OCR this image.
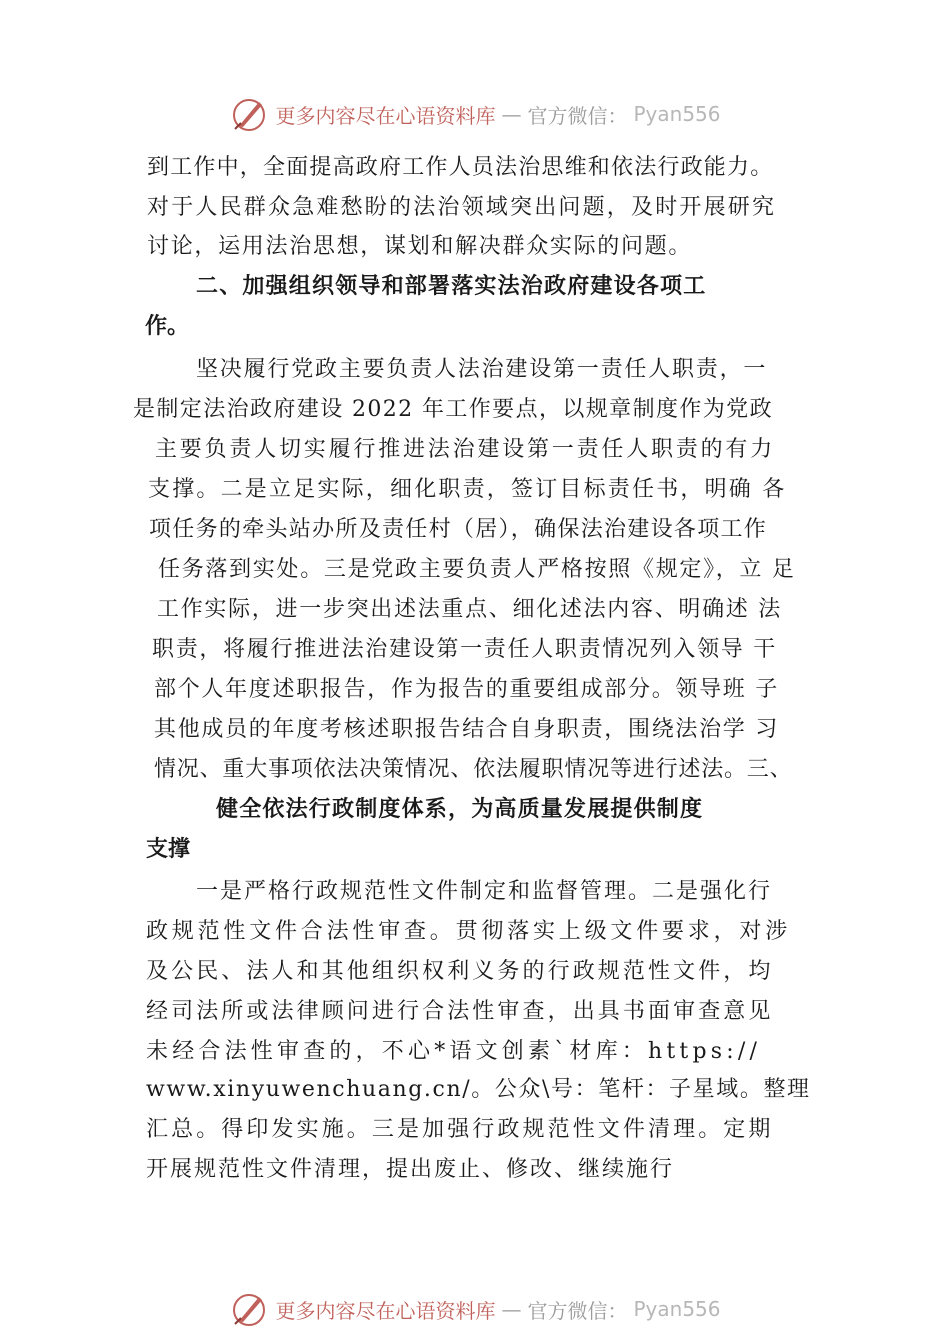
更多内容尽在心语资料库 — 官方微信： Pyan556
到工作中，全面提高政府工作人员法治思维和依法行政能力。
对于人民群众急难愁盼的法治领域突出问题，及时开展研究
讨论，运用法治思想，谋划和解决群众实际的问题。
二、加强组织领导和部署落实法治政府建设各项工
作。
坚决履行党政主要负责人法治建设第一责任人职责，一
是制定法治政府建设 2022 年工作要点，以规章制度作为党政
主要负责人切实履行推进法治建设第一责任人职责的有力
支撑。二是立足实际，细化职责，签订目标责任书，明确 各
项任务的牵头站办所及责任村（居），确保法治建设各项工作
任务落到实处。三是党政主要负责人严格按照《规定》，立 足
工作实际，进一步突出述法重点、细化述法内容、明确述 法
职责，将履行推进法治建设第一责任人职责情况列入领导 干
部个人年度述职报告，作为报告的重要组成部分。领导班 子
其他成员的年度考核述职报告结合自身职责，围绕法治学 习
情况、重大事项依法决策情况、依法履职情况等进行述法。三、
健全依法行政制度体系，为高质量发展提供制度
支撑
一是严格行政规范性文件制定和监督管理。二是强化行
政规范性文件合法性审查。贯彻落实上级文件要求，对涉
及公民、法人和其他组织权利义务的行政规范性文件，均
经司法所或法律顾问进行合法性审查，出具书面审查意见
未经合法性审查的，不心*语文创素`材库：https://
www.xinyuwenchuang.cn/。公众\号：笔杆：子星域。整理
汇总。得印发实施。三是加强行政规范性文件清理。定期
开展规范性文件清理，提出废止、修改、继续施行
更多内容尽在心语资料库 — 官方微信： Pyan556
